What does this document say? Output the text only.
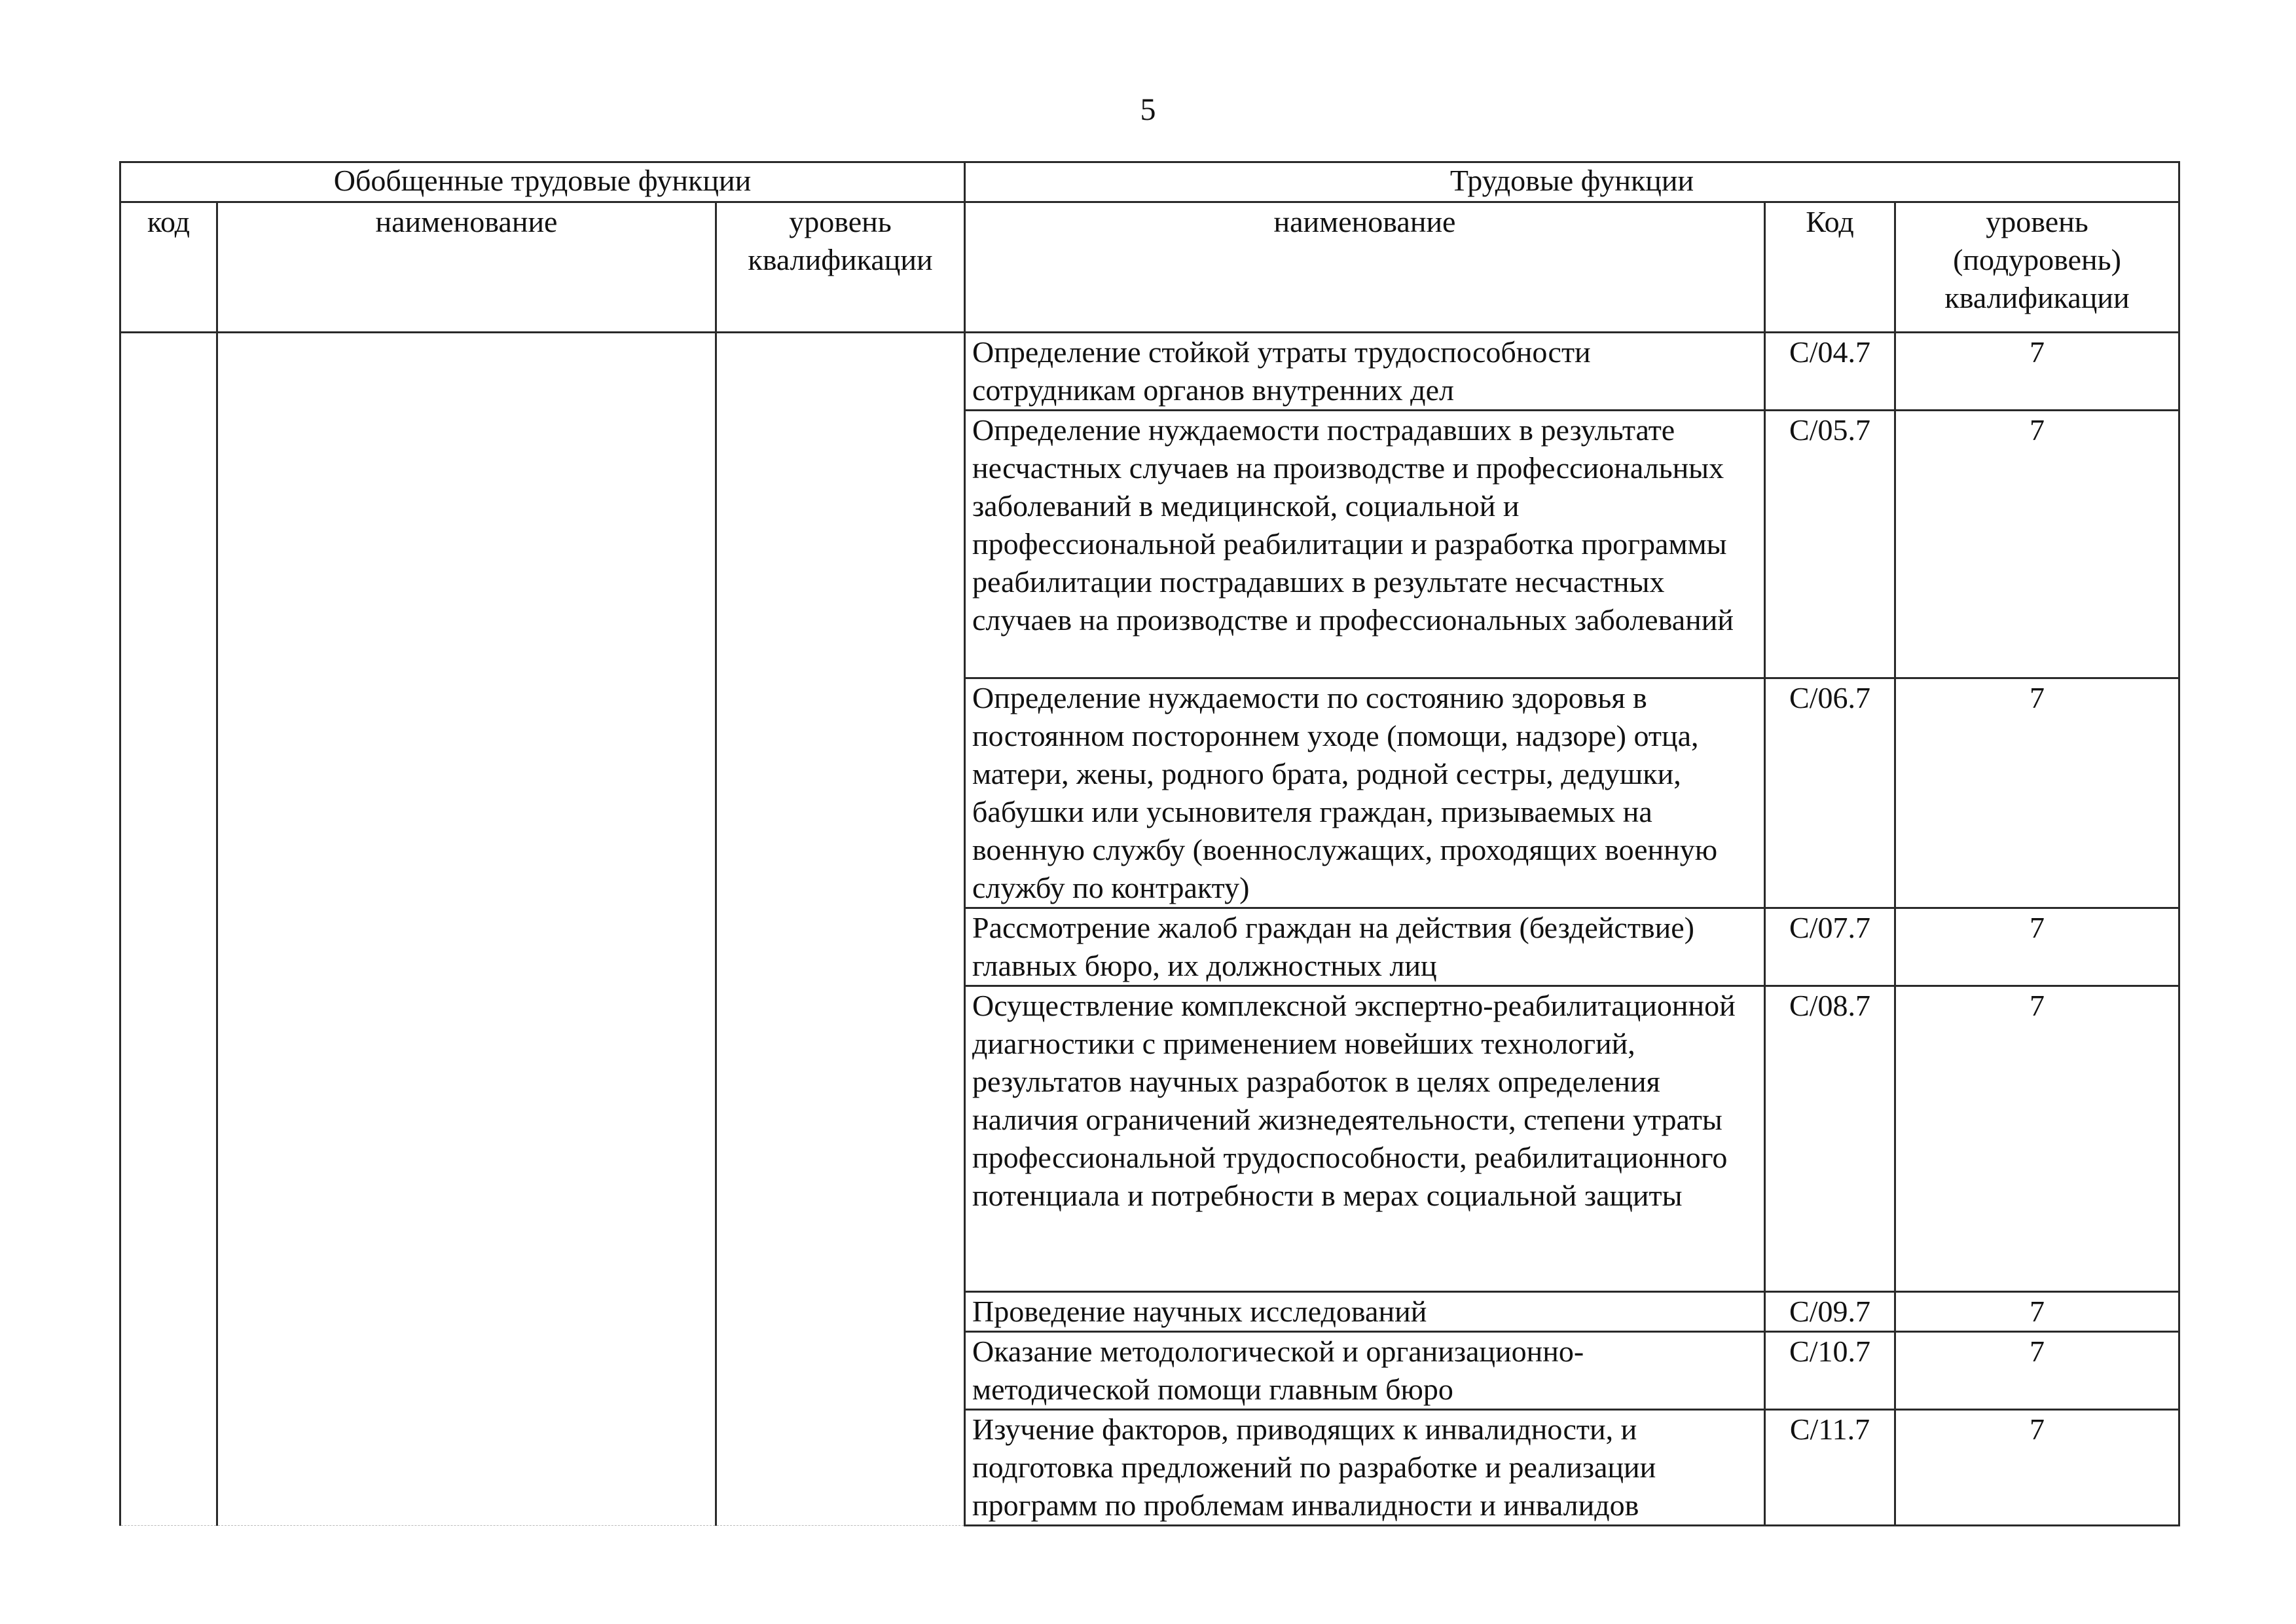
5
Обобщенные трудовые функции			Трудовые функции		
код	наименование	уровень квалификации	наименование	Код	уровень (подуровень) квалификации
			Определение стойкой утраты трудоспособности сотрудникам органов внутренних дел	С/04.7	7
			Определение нуждаемости пострадавших в результате несчастных случаев на производстве и профессиональных заболеваний в медицинской, социальной и профессиональной реабилитации и разработка программы реабилитации пострадавших в результате несчастных случаев на производстве и профессиональных заболеваний	С/05.7	7
			Определение нуждаемости по состоянию здоровья в постоянном постороннем уходе (помощи, надзоре) отца, матери, жены, родного брата, родной сестры, дедушки, бабушки или усыновителя граждан, призываемых на военную службу (военнослужащих, проходящих военную службу по контракту)	С/06.7	7
			Рассмотрение жалоб граждан на действия (бездействие) главных бюро, их должностных лиц	С/07.7	7
			Осуществление комплексной экспертно-реабилитационной диагностики с применением новейших технологий, результатов научных разработок в целях определения наличия ограничений жизнедеятельности, степени утраты профессиональной трудоспособности, реабилитационного потенциала и потребности в мерах социальной защиты	С/08.7	7
			Проведение научных исследований	С/09.7	7
			Оказание методологической и организационно-методической помощи главным бюро	С/10.7	7
			Изучение факторов, приводящих к инвалидности, и подготовка предложений по разработке и реализации программ по проблемам инвалидности и инвалидов	С/11.7	7
